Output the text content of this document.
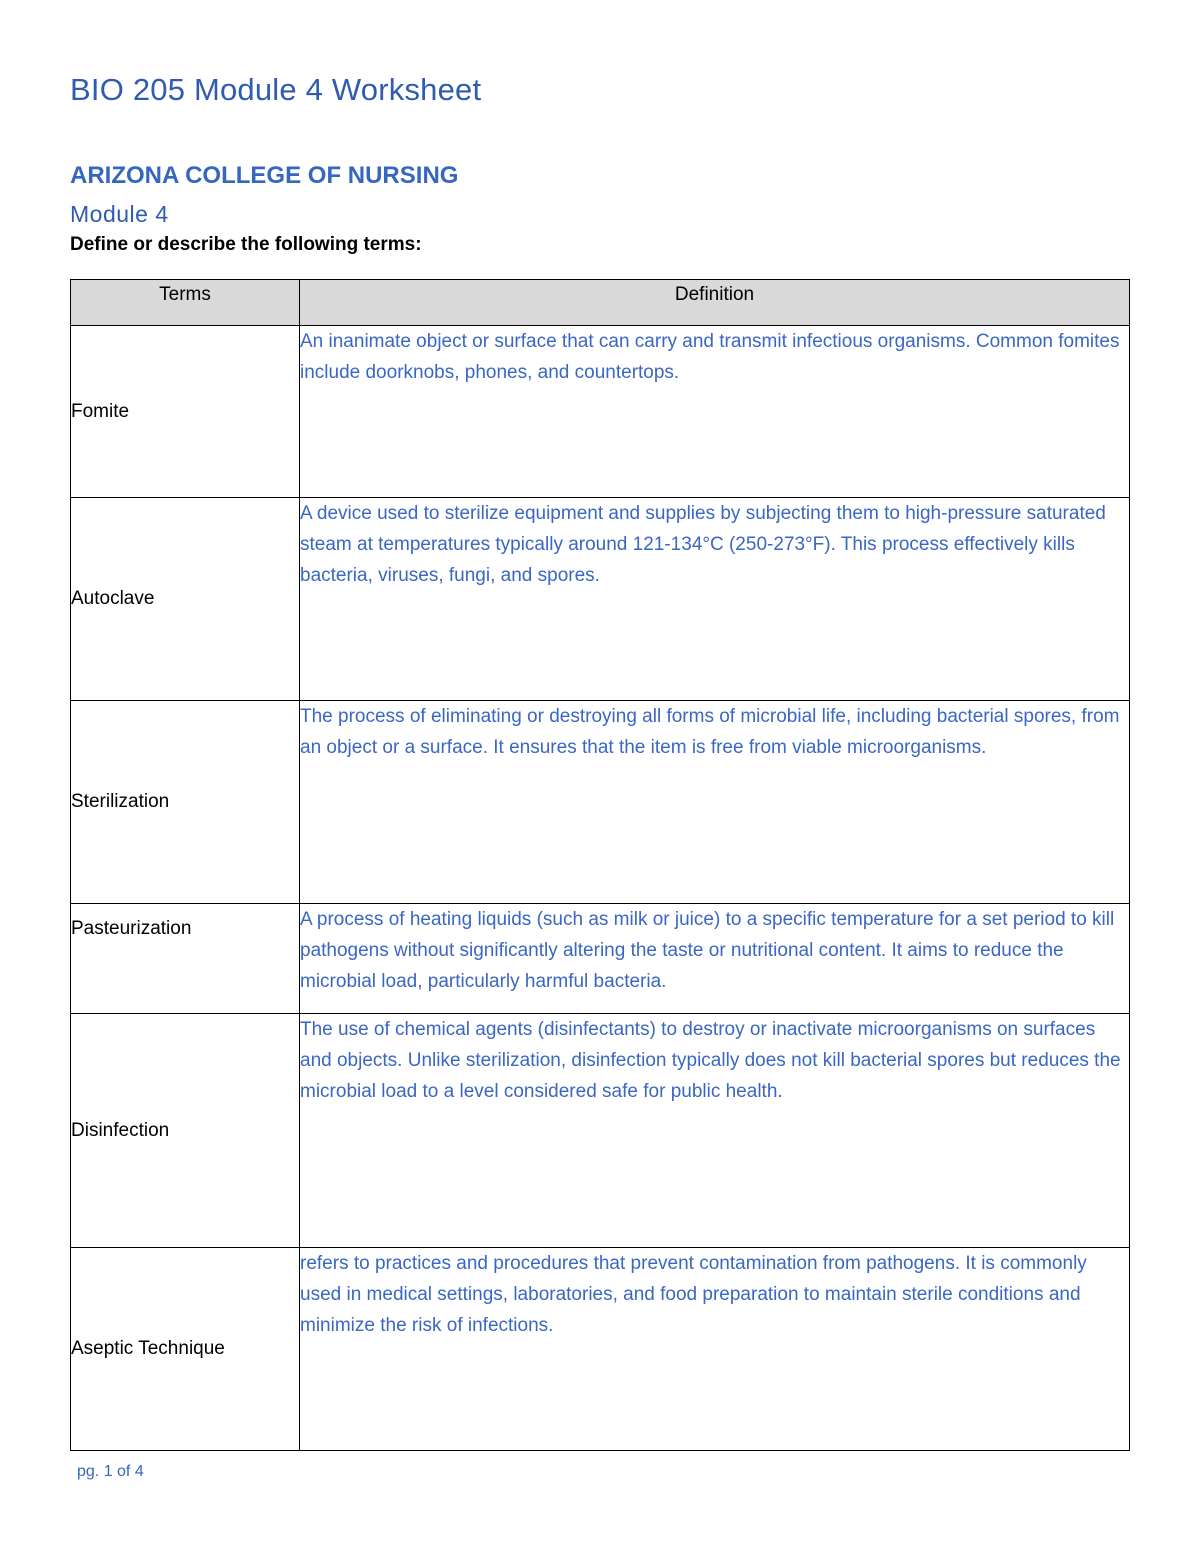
BIO 205 Module 4 Worksheet
ARIZONA COLLEGE OF NURSING
Module 4
Define or describe the following terms:
Terms	Definition
Fomite	An inanimate object or surface that can carry and transmit infectious organisms. Common fomites include doorknobs, phones, and countertops.
Autoclave	A device used to sterilize equipment and supplies by subjecting them to high-pressure saturated steam at temperatures typically around 121-134°C (250-273°F). This process effectively kills bacteria, viruses, fungi, and spores.
Sterilization	The process of eliminating or destroying all forms of microbial life, including bacterial spores, from an object or a surface. It ensures that the item is free from viable microorganisms.
Pasteurization	A process of heating liquids (such as milk or juice) to a specific temperature for a set period to kill pathogens without significantly altering the taste or nutritional content. It aims to reduce the microbial load, particularly harmful bacteria.
Disinfection	The use of chemical agents (disinfectants) to destroy or inactivate microorganisms on surfaces and objects. Unlike sterilization, disinfection typically does not kill bacterial spores but reduces the microbial load to a level considered safe for public health.
Aseptic Technique	refers to practices and procedures that prevent contamination from pathogens. It is commonly used in medical settings, laboratories, and food preparation to maintain sterile conditions and minimize the risk of infections.
pg. 1 of 4
